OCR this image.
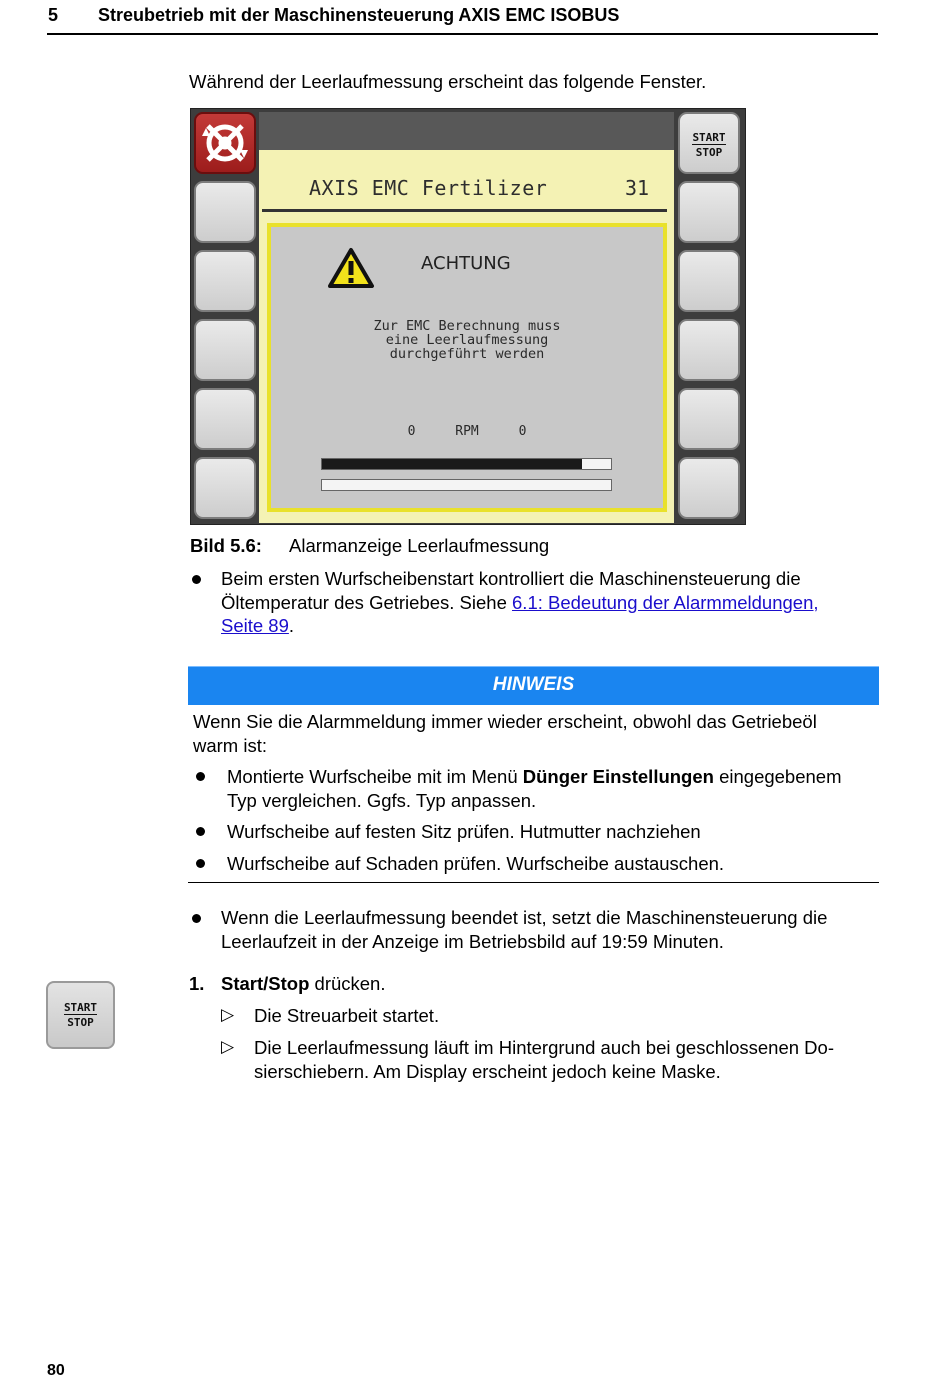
5 Streubetrieb mit der Maschinensteuerung AXIS EMC ISOBUS
Während der Leerlaufmessung erscheint das folgende Fenster.
START
STOP
AXIS EMC Fertilizer	31
ACHTUNG
Zur EMC Berechnung muss
eine Leerlaufmessung
durchgeführt werden
0	RPM	0
Bild 5.6: Alarmanzeige Leerlaufmessung
Beim ersten Wurfscheibenstart kontrolliert die Maschinensteuerung die
Öltemperatur des Getriebes. Siehe 6.1: Bedeutung der Alarmmeldungen,
Seite 89.
HINWEIS
Wenn Sie die Alarmmeldung immer wieder erscheint, obwohl das Getriebeöl
warm ist:
Montierte Wurfscheibe mit im Menü Dünger Einstellungen eingegebenem
Typ vergleichen. Ggfs. Typ anpassen.
Wurfscheibe auf festen Sitz prüfen. Hutmutter nachziehen
Wurfscheibe auf Schaden prüfen. Wurfscheibe austauschen.
Wenn die Leerlaufmessung beendet ist, setzt die Maschinensteuerung die
Leerlaufzeit in der Anzeige im Betriebsbild auf 19:59 Minuten.
START
STOP
1. Start/Stop drücken.
▷ Die Streuarbeit startet.
▷ Die Leerlaufmessung läuft im Hintergrund auch bei geschlossenen Do-
sierschiebern. Am Display erscheint jedoch keine Maske.
80
